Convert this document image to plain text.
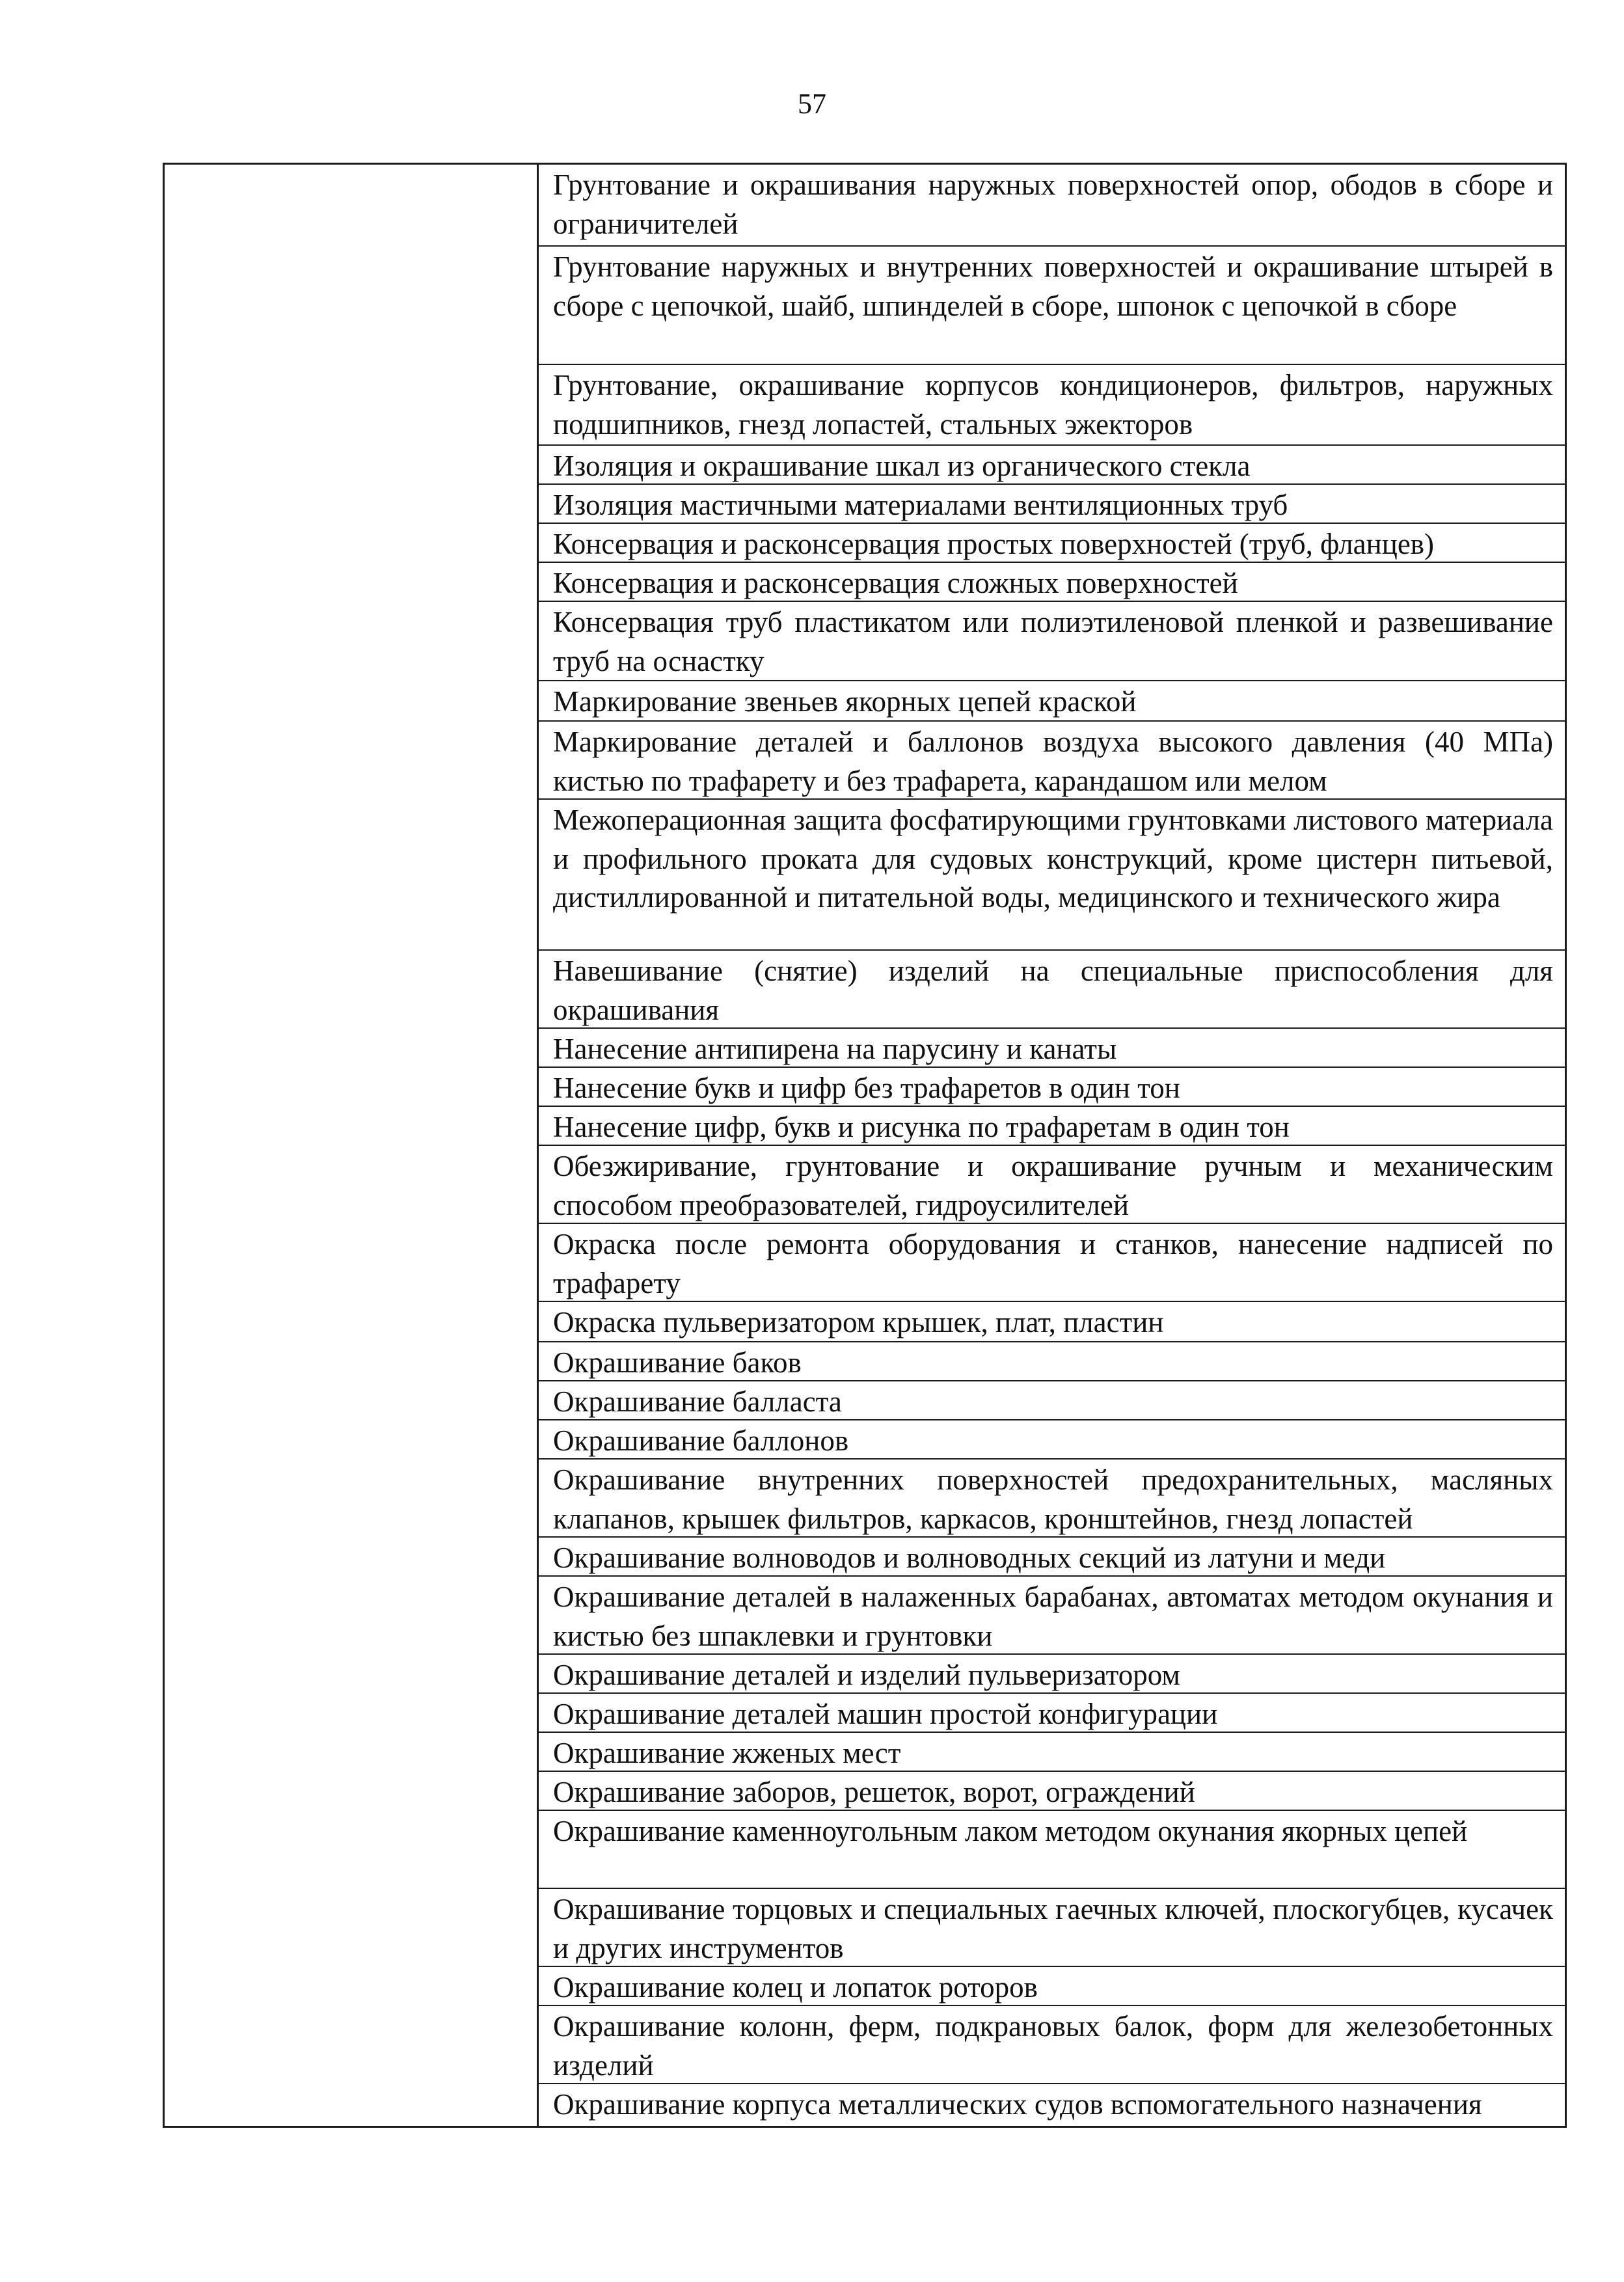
57
Грунтование и окрашивания наружных поверхностей опор, ободов в сборе и ограничителей
Грунтование наружных и внутренних поверхностей и окрашивание штырей в сборе с цепочкой, шайб, шпинделей в сборе, шпонок с цепочкой в сборе
Грунтование, окрашивание корпусов кондиционеров, фильтров, наружных подшипников, гнезд лопастей, стальных эжекторов
Изоляция и окрашивание шкал из органического стекла
Изоляция мастичными материалами вентиляционных труб
Консервация и расконсервация простых поверхностей (труб, фланцев)
Консервация и расконсервация сложных поверхностей
Консервация труб пластикатом или полиэтиленовой пленкой и развешивание труб на оснастку
Маркирование звеньев якорных цепей краской
Маркирование деталей и баллонов воздуха высокого давления (40 МПа) кистью по трафарету и без трафарета, карандашом или мелом
Межоперационная защита фосфатирующими грунтовками листового материала и профильного проката для судовых конструкций, кроме цистерн питьевой, дистиллированной и питательной воды, медицинского и технического жира
Навешивание (снятие) изделий на специальные приспособления для окрашивания
Нанесение антипирена на парусину и канаты
Нанесение букв и цифр без трафаретов в один тон
Нанесение цифр, букв и рисунка по трафаретам в один тон
Обезжиривание, грунтование и окрашивание ручным и механическим способом преобразователей, гидроусилителей
Окраска после ремонта оборудования и станков, нанесение надписей по трафарету
Окраска пульверизатором крышек, плат, пластин
Окрашивание баков
Окрашивание балласта
Окрашивание баллонов
Окрашивание внутренних поверхностей предохранительных, масляных клапанов, крышек фильтров, каркасов, кронштейнов, гнезд лопастей
Окрашивание волноводов и волноводных секций из латуни и меди
Окрашивание деталей в налаженных барабанах, автоматах методом окунания и кистью без шпаклевки и грунтовки
Окрашивание деталей и изделий пульверизатором
Окрашивание деталей машин простой конфигурации
Окрашивание жженых мест
Окрашивание заборов, решеток, ворот, ограждений
Окрашивание каменноугольным лаком методом окунания якорных цепей
Окрашивание торцовых и специальных гаечных ключей, плоскогубцев, кусачек и других инструментов
Окрашивание колец и лопаток роторов
Окрашивание колонн, ферм, подкрановых балок, форм для железобетонных изделий
Окрашивание корпуса металлических судов вспомогательного назначения
